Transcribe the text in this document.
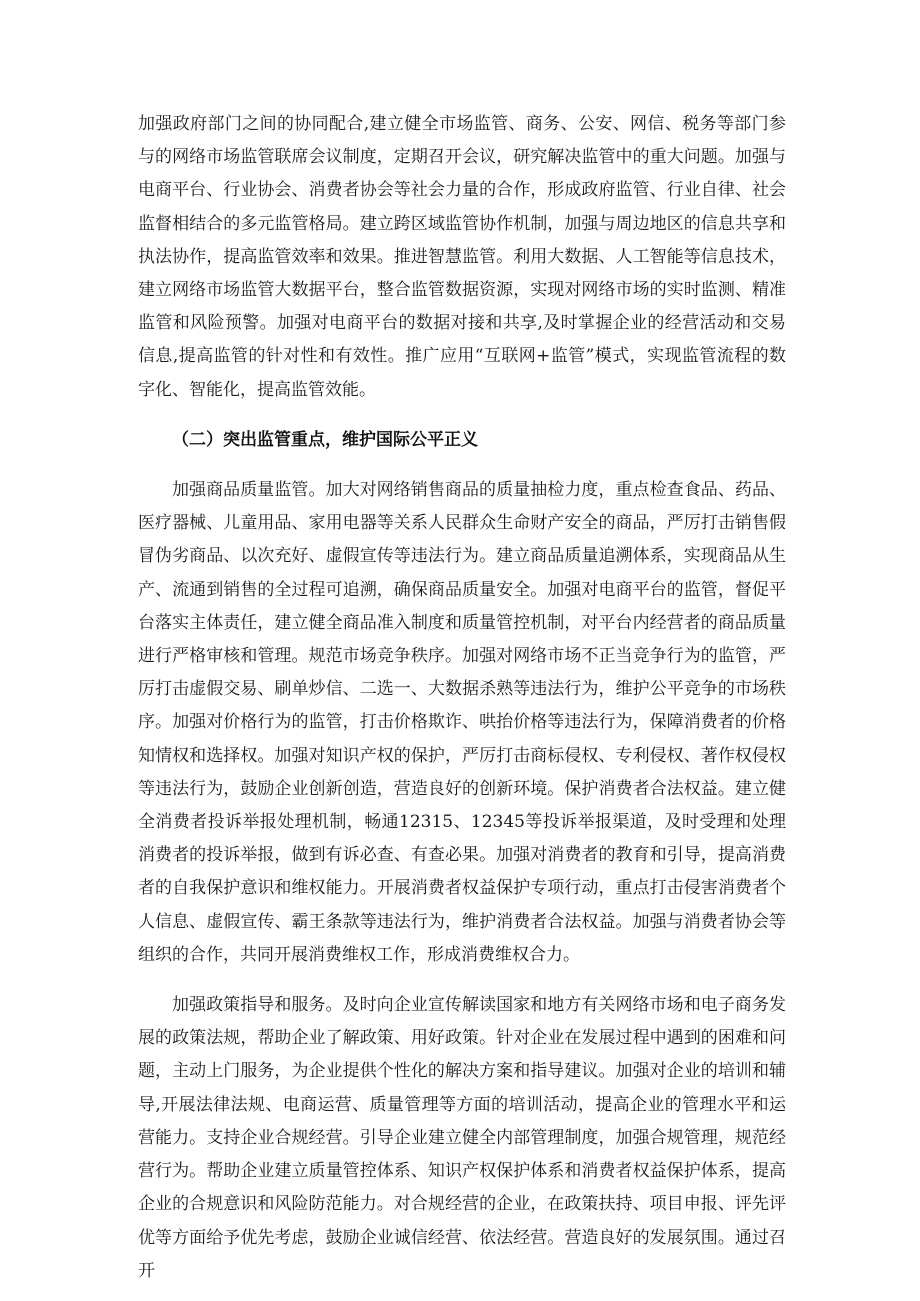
加强政府部门之间的协同配合,建立健全市场监管、商务、公安、网信、税务等部门参与的网络市场监管联席会议制度，定期召开会议，研究解决监管中的重大问题。加强与电商平台、行业协会、消费者协会等社会力量的合作，形成政府监管、行业自律、社会监督相结合的多元监管格局。建立跨区域监管协作机制，加强与周边地区的信息共享和执法协作，提高监管效率和效果。推进智慧监管。利用大数据、人工智能等信息技术，建立网络市场监管大数据平台，整合监管数据资源，实现对网络市场的实时监测、精准监管和风险预警。加强对电商平台的数据对接和共享,及时掌握企业的经营活动和交易信息,提高监管的针对性和有效性。推广应用“互联网+监管”模式，实现监管流程的数字化、智能化，提高监管效能。

（二）突出监管重点，维护国际公平正义

加强商品质量监管。加大对网络销售商品的质量抽检力度，重点检查食品、药品、医疗器械、儿童用品、家用电器等关系人民群众生命财产安全的商品，严厉打击销售假冒伪劣商品、以次充好、虚假宣传等违法行为。建立商品质量追溯体系，实现商品从生产、流通到销售的全过程可追溯，确保商品质量安全。加强对电商平台的监管，督促平台落实主体责任，建立健全商品准入制度和质量管控机制，对平台内经营者的商品质量进行严格审核和管理。规范市场竞争秩序。加强对网络市场不正当竞争行为的监管，严厉打击虚假交易、刷单炒信、二选一、大数据杀熟等违法行为，维护公平竞争的市场秩序。加强对价格行为的监管，打击价格欺诈、哄抬价格等违法行为，保障消费者的价格知情权和选择权。加强对知识产权的保护，严厉打击商标侵权、专利侵权、著作权侵权等违法行为，鼓励企业创新创造，营造良好的创新环境。保护消费者合法权益。建立健全消费者投诉举报处理机制，畅通12315、12345等投诉举报渠道，及时受理和处理消费者的投诉举报，做到有诉必查、有查必果。加强对消费者的教育和引导，提高消费者的自我保护意识和维权能力。开展消费者权益保护专项行动，重点打击侵害消费者个人信息、虚假宣传、霸王条款等违法行为，维护消费者合法权益。加强与消费者协会等组织的合作，共同开展消费维权工作，形成消费维权合力。

加强政策指导和服务。及时向企业宣传解读国家和地方有关网络市场和电子商务发展的政策法规，帮助企业了解政策、用好政策。针对企业在发展过程中遇到的困难和问题，主动上门服务，为企业提供个性化的解决方案和指导建议。加强对企业的培训和辅导,开展法律法规、电商运营、质量管理等方面的培训活动，提高企业的管理水平和运营能力。支持企业合规经营。引导企业建立健全内部管理制度，加强合规管理，规范经营行为。帮助企业建立质量管控体系、知识产权保护体系和消费者权益保护体系，提高企业的合规意识和风险防范能力。对合规经营的企业，在政策扶持、项目申报、评先评优等方面给予优先考虑，鼓励企业诚信经营、依法经营。营造良好的发展氛围。通过召开
